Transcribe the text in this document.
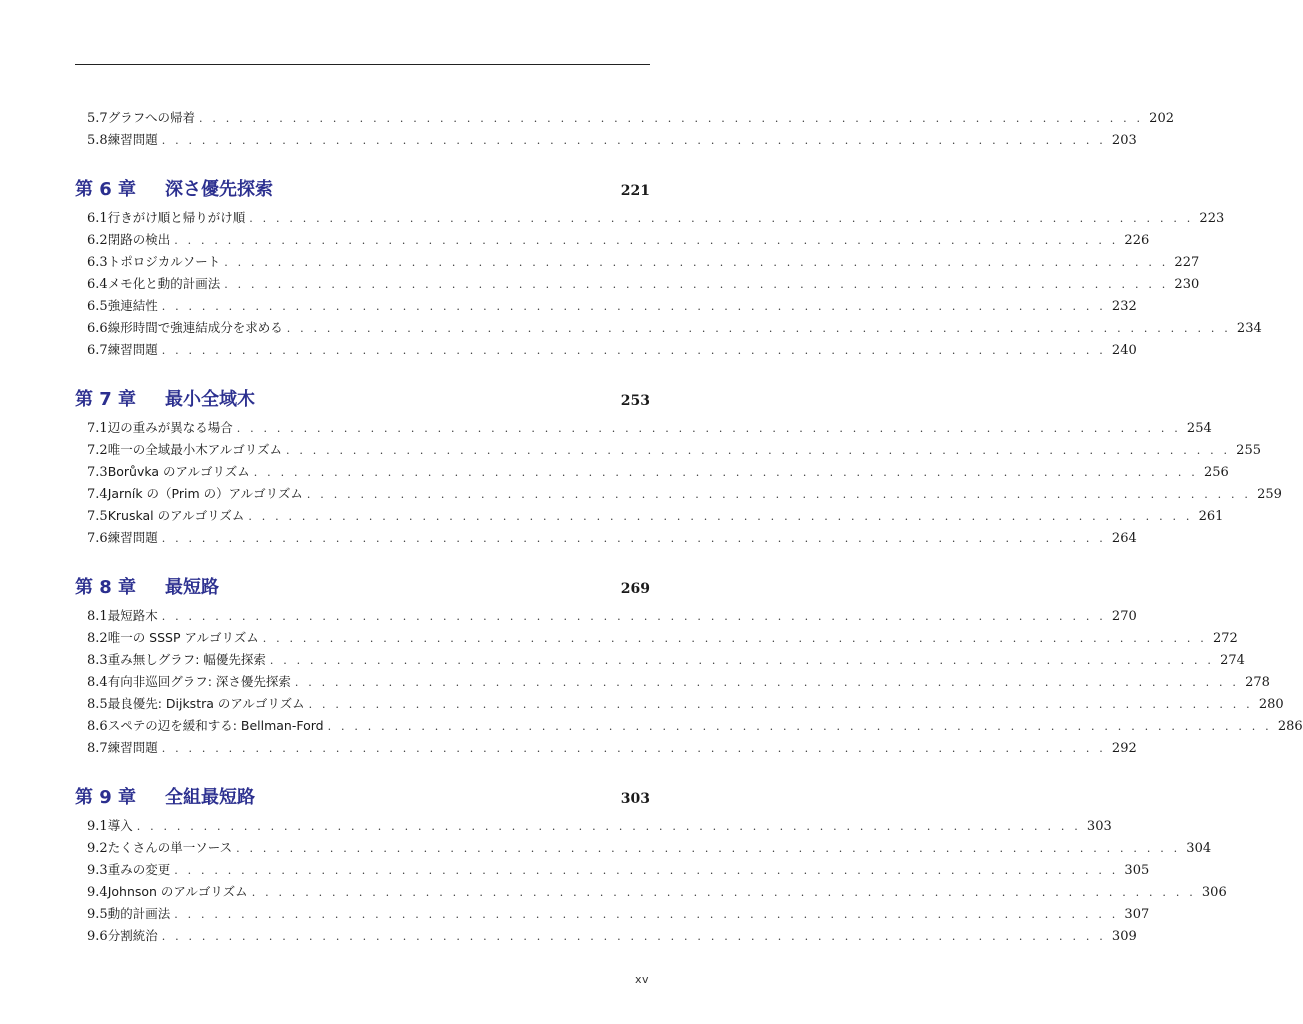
5.7 グラフへの帰着 . . . . . . . . . . . . . . . . . . . . . . . . . . . . . . . . . . . . . . . . . . . . . . . . . . . . . . . . . . . . . . . . . . . . . . . 202
5.8 練習問題 . . . . . . . . . . . . . . . . . . . . . . . . . . . . . . . . . . . . . . . . . . . . . . . . . . . . . . . . . . . . . . . . . . . . . . . 203
第 6 章	深さ優先探索	221
6.1 行きがけ順と帰りがけ順 . . . . . . . . . . . . . . . . . . . . . . . . . . . . . . . . . . . . . . . . . . . . . . . . . . . . . . . . . . . . . . . . . . . . . . . 223
6.2 閉路の検出 . . . . . . . . . . . . . . . . . . . . . . . . . . . . . . . . . . . . . . . . . . . . . . . . . . . . . . . . . . . . . . . . . . . . . . . 226
6.3 トポロジカルソート . . . . . . . . . . . . . . . . . . . . . . . . . . . . . . . . . . . . . . . . . . . . . . . . . . . . . . . . . . . . . . . . . . . . . . . 227
6.4 メモ化と動的計画法 . . . . . . . . . . . . . . . . . . . . . . . . . . . . . . . . . . . . . . . . . . . . . . . . . . . . . . . . . . . . . . . . . . . . . . . 230
6.5 強連結性 . . . . . . . . . . . . . . . . . . . . . . . . . . . . . . . . . . . . . . . . . . . . . . . . . . . . . . . . . . . . . . . . . . . . . . . 232
6.6 線形時間で強連結成分を求める . . . . . . . . . . . . . . . . . . . . . . . . . . . . . . . . . . . . . . . . . . . . . . . . . . . . . . . . . . . . . . . . . . . . . . . 234
6.7 練習問題 . . . . . . . . . . . . . . . . . . . . . . . . . . . . . . . . . . . . . . . . . . . . . . . . . . . . . . . . . . . . . . . . . . . . . . . 240
第 7 章	最小全域木	253
7.1 辺の重みが異なる場合 . . . . . . . . . . . . . . . . . . . . . . . . . . . . . . . . . . . . . . . . . . . . . . . . . . . . . . . . . . . . . . . . . . . . . . . 254
7.2 唯一の全域最小木アルゴリズム . . . . . . . . . . . . . . . . . . . . . . . . . . . . . . . . . . . . . . . . . . . . . . . . . . . . . . . . . . . . . . . . . . . . . . . 255
7.3 Borůvka のアルゴリズム . . . . . . . . . . . . . . . . . . . . . . . . . . . . . . . . . . . . . . . . . . . . . . . . . . . . . . . . . . . . . . . . . . . . . . . 256
7.4 Jarník の（Prim の）アルゴリズム . . . . . . . . . . . . . . . . . . . . . . . . . . . . . . . . . . . . . . . . . . . . . . . . . . . . . . . . . . . . . . . . . . . . . . . 259
7.5 Kruskal のアルゴリズム . . . . . . . . . . . . . . . . . . . . . . . . . . . . . . . . . . . . . . . . . . . . . . . . . . . . . . . . . . . . . . . . . . . . . . . 261
7.6 練習問題 . . . . . . . . . . . . . . . . . . . . . . . . . . . . . . . . . . . . . . . . . . . . . . . . . . . . . . . . . . . . . . . . . . . . . . . 264
第 8 章	最短路	269
8.1 最短路木 . . . . . . . . . . . . . . . . . . . . . . . . . . . . . . . . . . . . . . . . . . . . . . . . . . . . . . . . . . . . . . . . . . . . . . . 270
8.2 唯一の SSSP アルゴリズム . . . . . . . . . . . . . . . . . . . . . . . . . . . . . . . . . . . . . . . . . . . . . . . . . . . . . . . . . . . . . . . . . . . . . . . 272
8.3 重み無しグラフ: 幅優先探索 . . . . . . . . . . . . . . . . . . . . . . . . . . . . . . . . . . . . . . . . . . . . . . . . . . . . . . . . . . . . . . . . . . . . . . . 274
8.4 有向非巡回グラフ: 深さ優先探索 . . . . . . . . . . . . . . . . . . . . . . . . . . . . . . . . . . . . . . . . . . . . . . . . . . . . . . . . . . . . . . . . . . . . . . . 278
8.5 最良優先: Dijkstra のアルゴリズム . . . . . . . . . . . . . . . . . . . . . . . . . . . . . . . . . . . . . . . . . . . . . . . . . . . . . . . . . . . . . . . . . . . . . . . 280
8.6 スペテの辺を緩和する: Bellman-Ford . . . . . . . . . . . . . . . . . . . . . . . . . . . . . . . . . . . . . . . . . . . . . . . . . . . . . . . . . . . . . . . . . . . . . . . 286
8.7 練習問題 . . . . . . . . . . . . . . . . . . . . . . . . . . . . . . . . . . . . . . . . . . . . . . . . . . . . . . . . . . . . . . . . . . . . . . . 292
第 9 章	全組最短路	303
9.1 導入 . . . . . . . . . . . . . . . . . . . . . . . . . . . . . . . . . . . . . . . . . . . . . . . . . . . . . . . . . . . . . . . . . . . . . . . 303
9.2 たくさんの単一ソース . . . . . . . . . . . . . . . . . . . . . . . . . . . . . . . . . . . . . . . . . . . . . . . . . . . . . . . . . . . . . . . . . . . . . . . 304
9.3 重みの変更 . . . . . . . . . . . . . . . . . . . . . . . . . . . . . . . . . . . . . . . . . . . . . . . . . . . . . . . . . . . . . . . . . . . . . . . 305
9.4 Johnson のアルゴリズム . . . . . . . . . . . . . . . . . . . . . . . . . . . . . . . . . . . . . . . . . . . . . . . . . . . . . . . . . . . . . . . . . . . . . . . 306
9.5 動的計画法 . . . . . . . . . . . . . . . . . . . . . . . . . . . . . . . . . . . . . . . . . . . . . . . . . . . . . . . . . . . . . . . . . . . . . . . 307
9.6 分割統治 . . . . . . . . . . . . . . . . . . . . . . . . . . . . . . . . . . . . . . . . . . . . . . . . . . . . . . . . . . . . . . . . . . . . . . . 309
xv
